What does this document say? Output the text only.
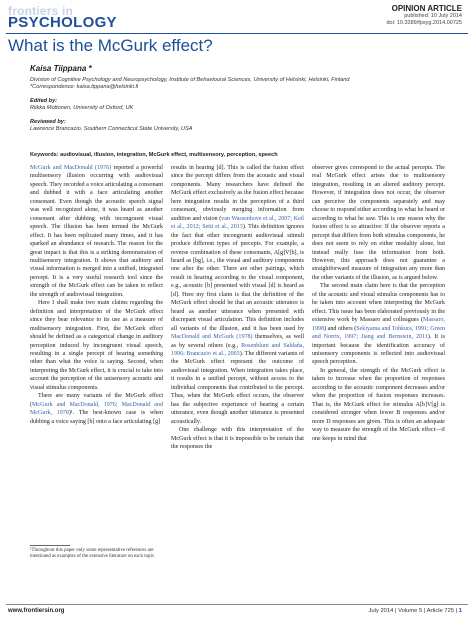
frontiers in
PSYCHOLOGY
OPINION ARTICLE
published: 10 July 2014
doi: 10.3389/fpsyg.2014.00725
What is the McGurk effect?
Kaisa Tiippana *
Division of Cognitive Psychology and Neuropsychology, Institute of Behavioural Sciences, University of Helsinki, Helsinki, Finland
*Correspondence: kaisa.tippana@helsinki.fi
Edited by:
Riikka Mottonen, University of Oxford, UK
Reviewed by:
Lawrence Brancazio, Southern Connecticut State University, USA
Keywords: audiovisual, illusion, integration, McGurk effect, multisensory, perception, speech

McGurk and MacDonald (1976) reported a powerful multisensory illusion occurring with audiovisual speech. They recorded a voice articulating a consonant and dubbed it with a face articulating another consonant. Even though the acoustic speech signal was well recognized alone, it was heard as another consonant after dubbing with incongruent visual speech. The illusion has been termed the McGurk effect. It has been replicated many times, and it has sparked an abundance of research. The reason for the great impact is that this is a striking demonstration of multisensory integration. It shows that auditory and visual information is merged into a unified, integrated percept. It is a very useful research tool since the strength of the McGurk effect can be taken to reflect the strength of audiovisual integration.

Here I shall make two main claims regarding the definition and interpretation of the McGurk effect since they bear relevance to its use as a measure of multisensory integration. First, the McGurk effect should be defined as a categorical change in auditory perception induced by incongruent visual speech, resulting in a single percept of hearing something other than what the voice is saying. Second, when interpreting the McGurk effect, it is crucial to take into account the perception of the unisensory acoustic and visual stimulus components.

There are many variants of the McGurk effect (McGurk and MacDonald, 1976; MacDonald and McGurk, 1978)¹. The best-known case is when dubbing a voice saying [b] onto a face articulating [g]

¹Throughout this paper only some representative references are mentioned as examples of the extensive literature on each topic.

results in hearing [d]. This is called the fusion effect since the percept differs from the acoustic and visual components. Many researchers have defined the McGurk effect exclusively as the fusion effect because here integration results in the perception of a third consonant, obviously merging information from audition and vision (van Wassenhove et al., 2007; Keil et al., 2012; Setti et al., 2013). This definition ignores the fact that other incongruent audiovisual stimuli produce different types of percepts. For example, a reverse combination of these consonants, A[g]V[b], is heard as [bg], i.e., the visual and auditory components one after the other. There are other pairings, which result in hearing according to the visual component, e.g., acoustic [b] presented with visual [d] is heard as [d]. Here my first claim is that the definition of the McGurk effect should be that an acoustic utterance is heard as another utterance when presented with discrepant visual articulation. This definition includes all variants of the illusion, and it has been used by MacDonald and McGurk (1978) themselves, as well as by several others (e.g., Rosenblum and Saldaña, 1996; Brancazio et al., 2003). The different variants of the McGurk effect represent the outcome of audiovisual integration. When integration takes place, it results in a unified percept, without access to the individual components that contributed to the percept. Thus, when the McGurk effect occurs, the observer has the subjective experience of hearing a certain utterance, even though another utterance is presented acoustically.

One challenge with this interpretation of the McGurk effect is that it is impossible to be certain that the responses the

observer gives correspond to the actual percepts. The real McGurk effect arises due to multisensory integration, resulting in an altered auditory percept. However, if integration does not occur, the observer can perceive the components separately and may choose to respond either according to what he heard or according to what he saw. This is one reason why the fusion effect is so attractive: If the observer reports a percept that differs from both stimulus components, he does not seem to rely on either modality alone, but instead really fuse the information from both. However, this approach does not guarantee a straightforward measure of integration any more than the other variants of the illusion, as is argued below.

The second main claim here is that the perception of the acoustic and visual stimulus components has to be taken into account when interpreting the McGurk effect. This issue has been elaborated previously in the extensive work by Massaro and colleagues (Massaro, 1998) and others (Sekiyama and Tohkura, 1991; Green and Norrix, 1997; Jiang and Bernstein, 2011). It is important because the identification accuracy of unisensory components is reflected into audiovisual speech perception.

In general, the strength of the McGurk effect is taken to increase when the proportion of responses according to the acoustic component decreases and/or when the proportion of fusion responses increases. That is, the McGurk effect for stimulus A[b]V[g] is considered stronger when fewer B responses and/or more D responses are given. This is often an adequate way to measure the strength of the McGurk effect—if one keeps in mind that

www.frontiersin.org	July 2014 | Volume 5 | Article 725 | 1
